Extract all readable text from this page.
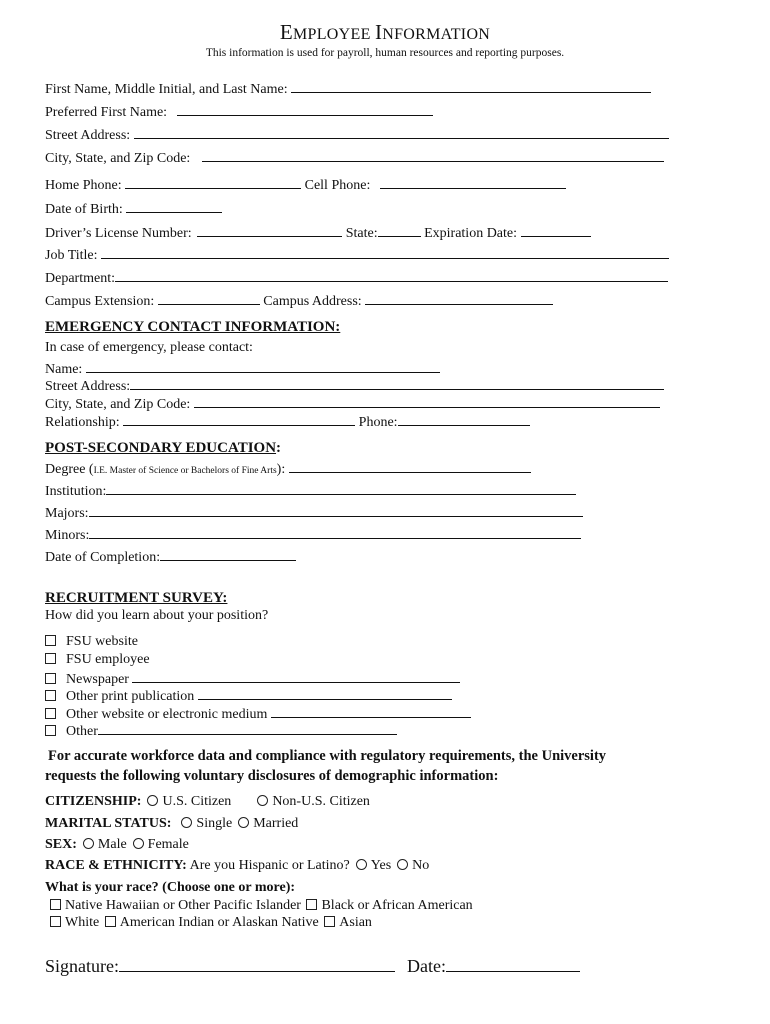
EMPLOYEE INFORMATION
This information is used for payroll, human resources and reporting purposes.
First Name, Middle Initial, and Last Name:
Preferred First Name:
Street Address:
City, State, and Zip Code:
Home Phone:	Cell Phone:
Date of Birth:
Driver’s License Number:	State:	Expiration Date:
Job Title:
Department:
Campus Extension:	Campus Address:
EMERGENCY CONTACT INFORMATION:
In case of emergency, please contact:
Name:
Street Address:
City, State, and Zip Code:
Relationship:	Phone:
POST-SECONDARY EDUCATION:
Degree (I.E. Master of Science or Bachelors of Fine Arts):
Institution:
Majors:
Minors:
Date of Completion:
RECRUITMENT SURVEY:
How did you learn about your position?
FSU website
FSU employee
Newspaper
Other print publication
Other website or electronic medium
Other
For accurate workforce data and compliance with regulatory requirements, the University
requests the following voluntary disclosures of demographic information:
CITIZENSHIP: U.S. Citizen	Non-U.S. Citizen
MARITAL STATUS: Single Married
SEX: Male Female
RACE & ETHNICITY: Are you Hispanic or Latino? Yes No
What is your race? (Choose one or more):
Native Hawaiian or Other Pacific Islander Black or African American
White American Indian or Alaskan Native Asian
Signature:	Date:
